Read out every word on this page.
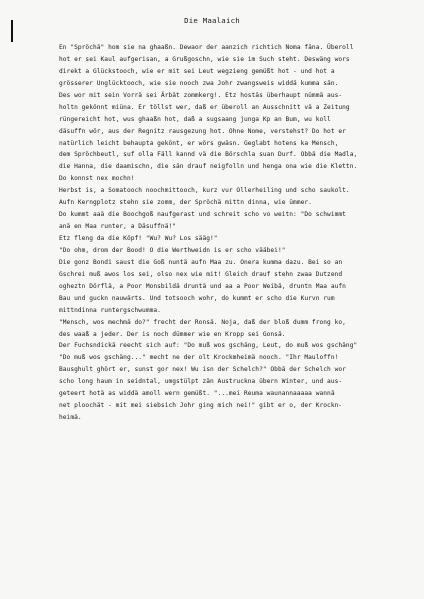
Die Maalaich
En "Spröchä" hom sie na ghaaßn. Dewaor der aanzich richtich Noma fäna. Überoll
hot er sei Kaul aufgerisan, a Grußgoschn, wie sie im Such steht. Deswäng wors
direkt a Glückstooch, wie er mit sei Leut wegzieng gemüßt hot - und hot a
grösserer Unglücktooch, wie sie nooch zwa Johr zwangsweis widdä kumma sän.
Des wor mit sein Vorrä sei Ärbät zommkerg!. Etz hostäs überhaupt nümmä aus-
holtn gekönnt miüna. Er töllst wer, daß er überoll an Ausschnitt vä a Zeitung
rüngereicht hot, wus ghaaßn hot, daß a sugsaang junga Kp an Bum, wu koll
däsuffn wör, aus der Regnitz rausgezung hot. Ohne Nome, verstehst? Do hot er
natürlich leicht behaupta gekönt, er wörs gwäsn. Geglabt hotens ka Mensch,
dem Spröchbeutl, suf olla Fäll kannd vä die Börschla suan Durf. Obbä die Madla,
die Hanna, die daamischn, die sän drauf neigfolln und henga ona wie die Klettn.
Do konnst nex mochn!
Herbst is, a Somatooch noochmittooch, kurz vur Ollerheiling und scho saukolt.
Aufn Kerngplotz stehn sie zomm, der Spröchä mittn dinna, wie ümmer.
Do kummt aaä die Boochgoß naufgerast und schreit scho vo weitn: "Do schwimmt
anä en Maa runter, a Däsuffnä!"
Etz fleng da die Köpf! "Wu? Wu? Los sääg!"
"Do ohm, drom der Bood! O die Werthweidn is er scho vääbei!"
Die gonz Bondi saust die Goß nuntä aufn Maa zu. Onera kumma dazu. Bei so an
Gschrei muß awos los sei, olso nex wie mit! Gleich drauf stehn zwaa Dutzend
ogheztn Dörflä, a Poor Monsbildä druntä und aa a Poor Weibä, druntn Maa aufn
Bau und guckn nauwärts. Und totsooch wohr, do kummt er scho die Kurvn rum
mittndinna runtergschwumma.
"Mensch, wos mechmä do?" frecht der Ronsä. Noja, daß der bloß dumm frong ko,
des waaß a jeder. Der is noch dümmer wie en Kropp sei Gonsä.
Der Fuchsndickä reecht sich auf: "Do muß wos gschäng, Leut, do muß wos gschäng"
"Do muß wos gschäng..." mecht ne der olt Krockmheimä nooch. "Ihr Mauloffn!
Bausghult ghört er, sunst gor nex! Wu isn der Schelch?" Obbä der Schelch wor
scho long haum in seidntal, umgstülpt zän Austruckna übern Winter, und aus-
geteert hotä as widdä amoll wern gemüßt. "...mei Reuma waunannaaaaa wannä
net ploochät - mit mei siebsich Johr ging mich nei!" gibt er o, der Krockn-
heimä.
